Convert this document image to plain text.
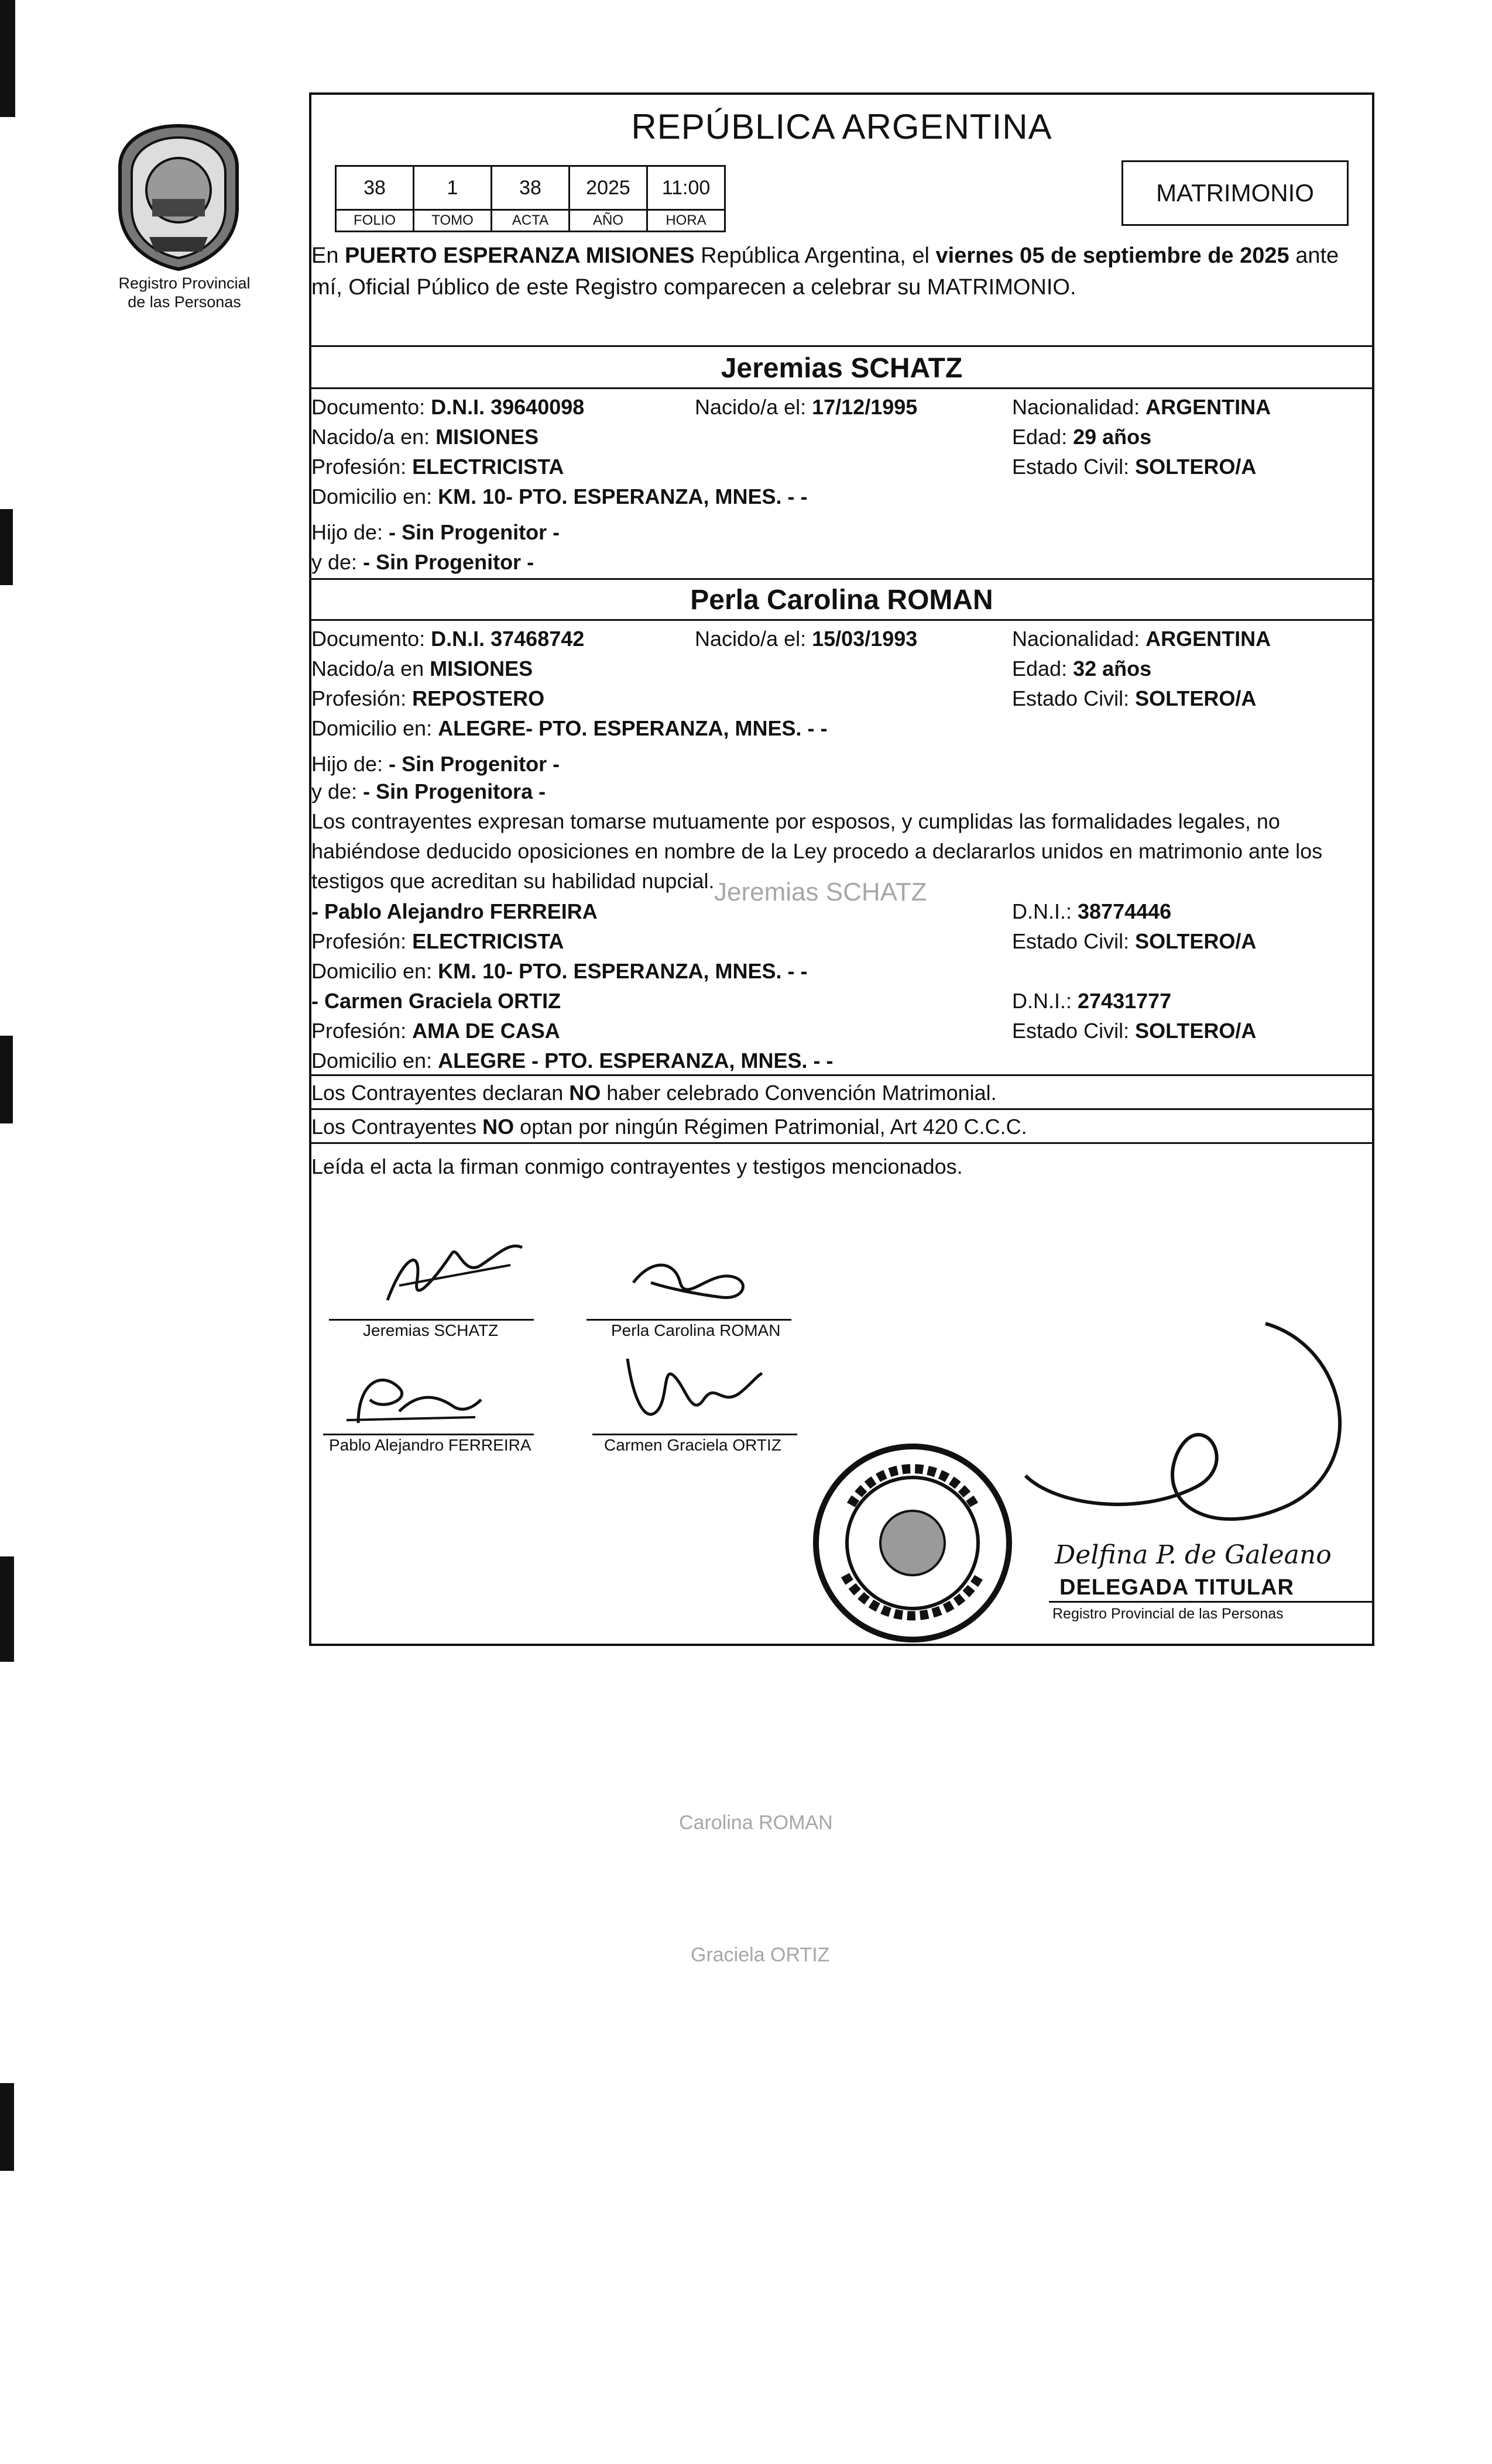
Registro Provincial
de las Personas
REPÚBLICA ARGENTINA
38	1	38	2025	11:00
FOLIO	TOMO	ACTA	AÑO	HORA
MATRIMONIO
En PUERTO ESPERANZA MISIONES República Argentina, el viernes 05 de septiembre de 2025 ante mí, Oficial Público de este Registro comparecen a celebrar su MATRIMONIO.
Jeremias SCHATZ
Documento: D.N.I. 39640098	Nacido/a el: 17/12/1995	Nacionalidad: ARGENTINA
Nacido/a en: MISIONES	Edad: 29 años
Profesión: ELECTRICISTA	Estado Civil: SOLTERO/A
Domicilio en: KM. 10- PTO. ESPERANZA, MNES. - -
Hijo de: - Sin Progenitor -
y de: - Sin Progenitor -
Perla Carolina ROMAN
Documento: D.N.I. 37468742	Nacido/a el: 15/03/1993	Nacionalidad: ARGENTINA
Nacido/a en MISIONES	Edad: 32 años
Profesión: REPOSTERO	Estado Civil: SOLTERO/A
Domicilio en: ALEGRE- PTO. ESPERANZA, MNES. - -
Hijo de: - Sin Progenitor -
y de: - Sin Progenitora -
Los contrayentes expresan tomarse mutuamente por esposos, y cumplidas las formalidades legales, no habiéndose deducido oposiciones en nombre de la Ley procedo a declararlos unidos en matrimonio ante los testigos que acreditan su habilidad nupcial.
- Pablo Alejandro FERREIRA	D.N.I.: 38774446
Profesión: ELECTRICISTA	Estado Civil: SOLTERO/A
Domicilio en: KM. 10- PTO. ESPERANZA, MNES. - -
- Carmen Graciela ORTIZ	D.N.I.: 27431777
Profesión: AMA DE CASA	Estado Civil: SOLTERO/A
Domicilio en: ALEGRE - PTO. ESPERANZA, MNES. - -
Los Contrayentes declaran NO haber celebrado Convención Matrimonial.
Los Contrayentes NO optan por ningún Régimen Patrimonial, Art 420 C.C.C.
Leída el acta la firman conmigo contrayentes y testigos mencionados.
Jeremias SCHATZ	Perla Carolina ROMAN
Pablo Alejandro FERREIRA	Carmen Graciela ORTIZ
Delfina P. de Galeano
DELEGADA TITULAR
Registro Provincial de las Personas
Jeremias SCHATZ
Carolina ROMAN
Graciela ORTIZ
